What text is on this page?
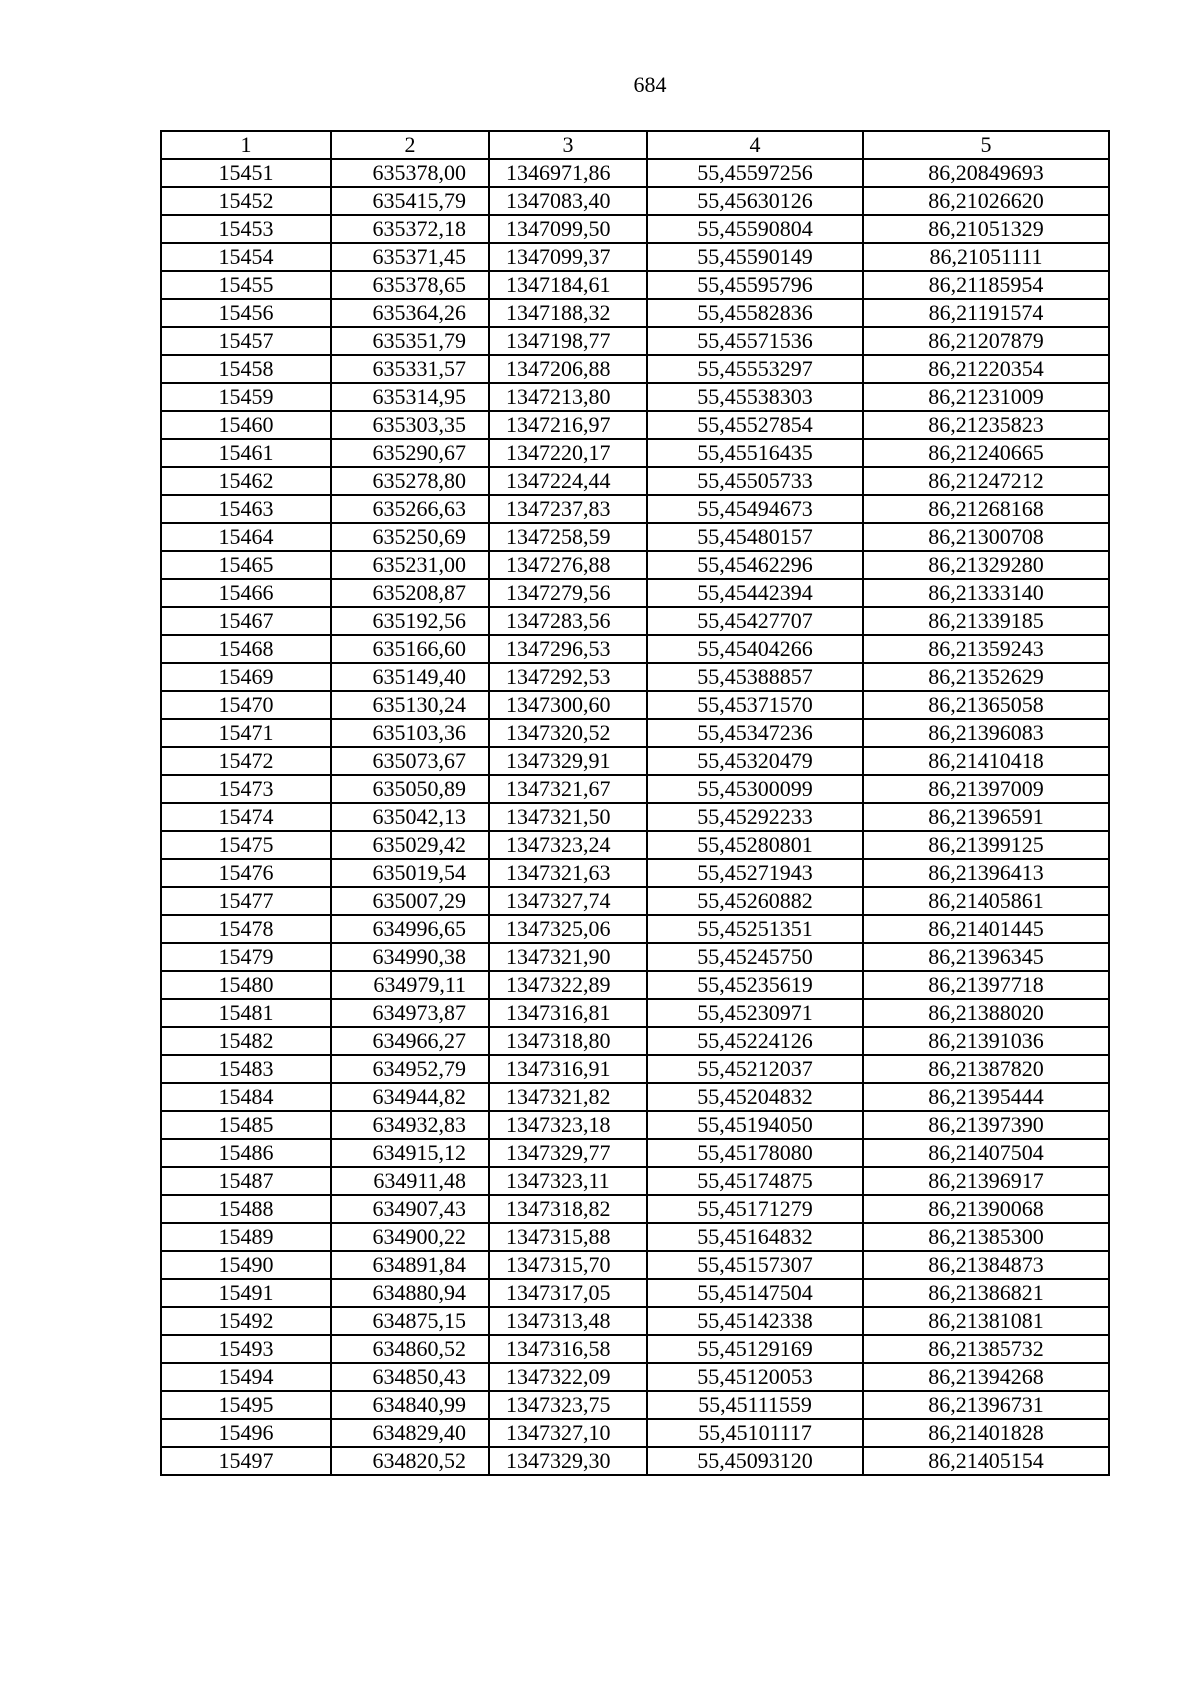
684
1	2	3	4	5
15451	635378,00	1346971,86	55,45597256	86,20849693
15452	635415,79	1347083,40	55,45630126	86,21026620
15453	635372,18	1347099,50	55,45590804	86,21051329
15454	635371,45	1347099,37	55,45590149	86,21051111
15455	635378,65	1347184,61	55,45595796	86,21185954
15456	635364,26	1347188,32	55,45582836	86,21191574
15457	635351,79	1347198,77	55,45571536	86,21207879
15458	635331,57	1347206,88	55,45553297	86,21220354
15459	635314,95	1347213,80	55,45538303	86,21231009
15460	635303,35	1347216,97	55,45527854	86,21235823
15461	635290,67	1347220,17	55,45516435	86,21240665
15462	635278,80	1347224,44	55,45505733	86,21247212
15463	635266,63	1347237,83	55,45494673	86,21268168
15464	635250,69	1347258,59	55,45480157	86,21300708
15465	635231,00	1347276,88	55,45462296	86,21329280
15466	635208,87	1347279,56	55,45442394	86,21333140
15467	635192,56	1347283,56	55,45427707	86,21339185
15468	635166,60	1347296,53	55,45404266	86,21359243
15469	635149,40	1347292,53	55,45388857	86,21352629
15470	635130,24	1347300,60	55,45371570	86,21365058
15471	635103,36	1347320,52	55,45347236	86,21396083
15472	635073,67	1347329,91	55,45320479	86,21410418
15473	635050,89	1347321,67	55,45300099	86,21397009
15474	635042,13	1347321,50	55,45292233	86,21396591
15475	635029,42	1347323,24	55,45280801	86,21399125
15476	635019,54	1347321,63	55,45271943	86,21396413
15477	635007,29	1347327,74	55,45260882	86,21405861
15478	634996,65	1347325,06	55,45251351	86,21401445
15479	634990,38	1347321,90	55,45245750	86,21396345
15480	634979,11	1347322,89	55,45235619	86,21397718
15481	634973,87	1347316,81	55,45230971	86,21388020
15482	634966,27	1347318,80	55,45224126	86,21391036
15483	634952,79	1347316,91	55,45212037	86,21387820
15484	634944,82	1347321,82	55,45204832	86,21395444
15485	634932,83	1347323,18	55,45194050	86,21397390
15486	634915,12	1347329,77	55,45178080	86,21407504
15487	634911,48	1347323,11	55,45174875	86,21396917
15488	634907,43	1347318,82	55,45171279	86,21390068
15489	634900,22	1347315,88	55,45164832	86,21385300
15490	634891,84	1347315,70	55,45157307	86,21384873
15491	634880,94	1347317,05	55,45147504	86,21386821
15492	634875,15	1347313,48	55,45142338	86,21381081
15493	634860,52	1347316,58	55,45129169	86,21385732
15494	634850,43	1347322,09	55,45120053	86,21394268
15495	634840,99	1347323,75	55,45111559	86,21396731
15496	634829,40	1347327,10	55,45101117	86,21401828
15497	634820,52	1347329,30	55,45093120	86,21405154
